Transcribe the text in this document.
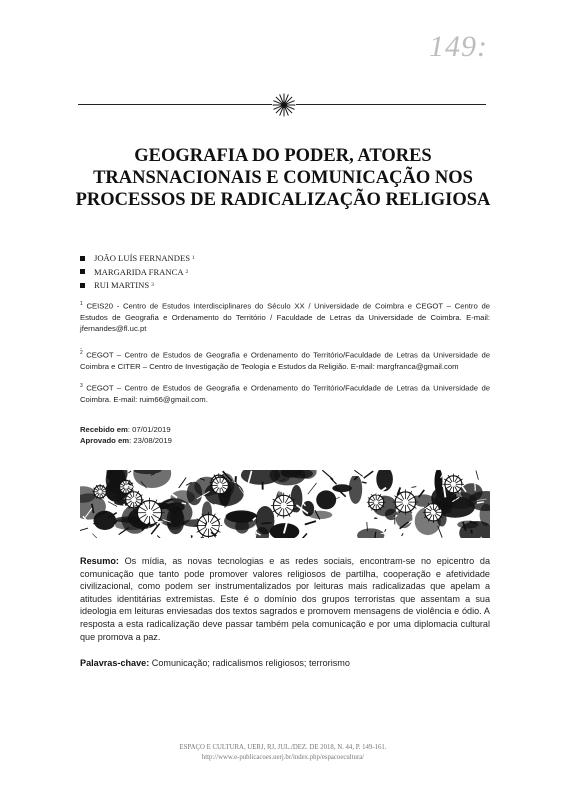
149:
GEOGRAFIA DO PODER, ATORES
TRANSNACIONAIS E COMUNICAÇÃO NOS
PROCESSOS DE RADICALIZAÇÃO RELIGIOSA
JOÃO LUÍS FERNANDES 1
MARGARIDA FRANCA 2
RUI MARTINS 3
$^1$ CEIS20 - Centro de Estudos Interdisciplinares do Século XX / Universidade de Coimbra e CEGOT – Centro de Estudos de Geografia e Ordenamento do Território / Faculdade de Letras da Universidade de Coimbra. E-mail: jfernandes@fl.uc.pt
.
$^2$ CEGOT – Centro de Estudos de Geografia e Ordenamento do Território/Faculdade de Letras da Universidade de Coimbra e CITER – Centro de Investigação de Teologia e Estudos da Religião. E-mail: margfranca@gmail.com
$^3$ CEGOT – Centro de Estudos de Geografia e Ordenamento do Território/Faculdade de Letras da Universidade de Coimbra. E-mail: ruim66@gmail.com.
Recebido em: 07/01/2019
Aprovado em: 23/08/2019
Resumo: Os mídia, as novas tecnologias e as redes sociais, encontram-se no epicentro da comunicação que tanto pode promover valores religiosos de partilha, cooperação e afetividade civilizacional, como podem ser instrumentalizados por leituras mais radicalizadas que apelam a atitudes identitárias extremistas. Este é o domínio dos grupos terroristas que assentam a sua ideologia em leituras enviesadas dos textos sagrados e promovem mensagens de violência e ódio. A resposta a esta radicalização deve passar também pela comunicação e por uma diplomacia cultural que promova a paz.
Palavras-chave: Comunicação; radicalismos religiosos; terrorismo
ESPAÇO E CULTURA, UERJ, RJ, JUL./DEZ. DE 2018, N. 44, P. 149-161.
http://www.e-publicacoes.uerj.br/index.php/espacoecultura/
